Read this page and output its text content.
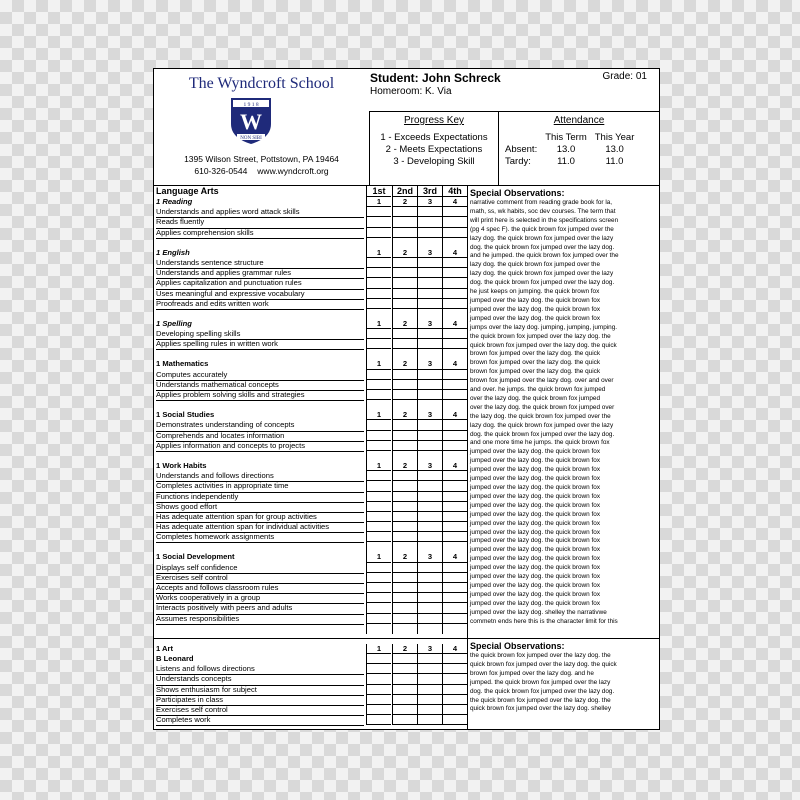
The Wyndcroft School
1 9 1 8
W
NON SIBI
1395 Wilson Street, Pottstown, PA 19464
610-326-0544 www.wyndcroft.org
Student: John Schreck
Homeroom: K. Via
Grade: 01
Progress Key
1 - Exceeds Expectations
2 - Meets Expectations
3 - Developing Skill
Attendance
	This Term	This Year
Absent:	13.0	13.0
Tardy:	11.0	11.0
Language Arts	1st	2nd	3rd	4th
1 Reading	1	2	3	4
Understands and applies word attack skills
Reads fluently
Applies comprehension skills
1 English	1	2	3	4
Understands sentence structure
Understands and applies grammar rules
Applies capitalization and punctuation rules
Uses meaningful and expressive vocabulary
Proofreads and edits written work
1 Spelling	1	2	3	4
Developing spelling skills
Applies spelling rules in written work
1 Mathematics	1	2	3	4
Computes accurately
Understands mathematical concepts
Applies problem solving skills and strategies
1 Social Studies	1	2	3	4
Demonstrates understanding of concepts
Comprehends and locates information
Applies information and concepts to projects
1 Work Habits	1	2	3	4
Understands and follows directions
Completes activities in appropriate time
Functions independently
Shows good effort
Has adequate attention span for group activities
Has adequate attention span for individual activities
Completes homework assignments
1 Social Development	1	2	3	4
Displays self confidence
Exercises self control
Accepts and follows classroom rules
Works cooperatively in a group
Interacts positively with peers and adults
Assumes responsibilities
1 Art	1	2	3	4
B Leonard
Listens and follows directions
Understands concepts
Shows enthusiasm for subject
Participates in class
Exercises self control
Completes work
Special Observations:
narrative comment from reading grade book for la,
math, ss, wk habits, soc dev courses. The term that
will print here is selected in the specifications screen
(pg 4 spec F). the quick brown fox jumped over the
lazy dog. the quick brown fox jumped over the lazy
dog. the quick brown fox jumped over the lazy dog.
and he jumped. the quick brown fox jumped over the
lazy dog. the quick brown fox jumped over the
lazy dog. the quick brown fox jumped over the lazy
dog. the quick brown fox jumped over the lazy dog.
he just keeps on jumping. the quick brown fox
jumped over the lazy dog. the quick brown fox
jumped over the lazy dog. the quick brown fox
jumped over the lazy dog. the quick brown fox
jumps over the lazy dog. jumping, jumping, jumping.
the quick brown fox jumped over the lazy dog. the
quick brown fox jumped over the lazy dog. the quick
brown fox jumped over the lazy dog. the quick
brown fox jumped over the lazy dog. the quick
brown fox jumped over the lazy dog. the quick
brown fox jumped over the lazy dog. over and over
and over. he jumps. the quick brown fox jumped
over the lazy dog. the quick brown fox jumped
over the lazy dog. the quick brown fox jumped over
the lazy dog. the quick brown fox jumped over the
lazy dog. the quick brown fox jumped over the lazy
dog. the quick brown fox jumped over the lazy dog.
and one more time he jumps. the quick brown fox
jumped over the lazy dog. the quick brown fox
jumped over the lazy dog. the quick brown fox
jumped over the lazy dog. the quick brown fox
jumped over the lazy dog. the quick brown fox
jumped over the lazy dog. the quick brown fox
jumped over the lazy dog. the quick brown fox
jumped over the lazy dog. the quick brown fox
jumped over the lazy dog. the quick brown fox
jumped over the lazy dog. the quick brown fox
jumped over the lazy dog. the quick brown fox
jumped over the lazy dog. the quick brown fox
jumped over the lazy dog. the quick brown fox
jumped over the lazy dog. the quick brown fox
jumped over the lazy dog. the quick brown fox
jumped over the lazy dog. the quick brown fox
jumped over the lazy dog. the quick brown fox
jumped over the lazy dog. the quick brown fox
jumped over the lazy dog. the quick brown fox
jumped over the lazy dog. shelley the narrativwe
commetn ends here this is the character limit for this
Special Observations:
the quick brown fox jumped over the lazy dog. the
quick brown fox jumped over the lazy dog. the quick
brown fox jumped over the lazy dog. and he
jumped. the quick brown fox jumped over the lazy
dog. the quick brown fox jumped over the lazy dog.
the quick brown fox jumped over the lazy dog. the
quick brown fox jumped over the lazy dog. shelley
